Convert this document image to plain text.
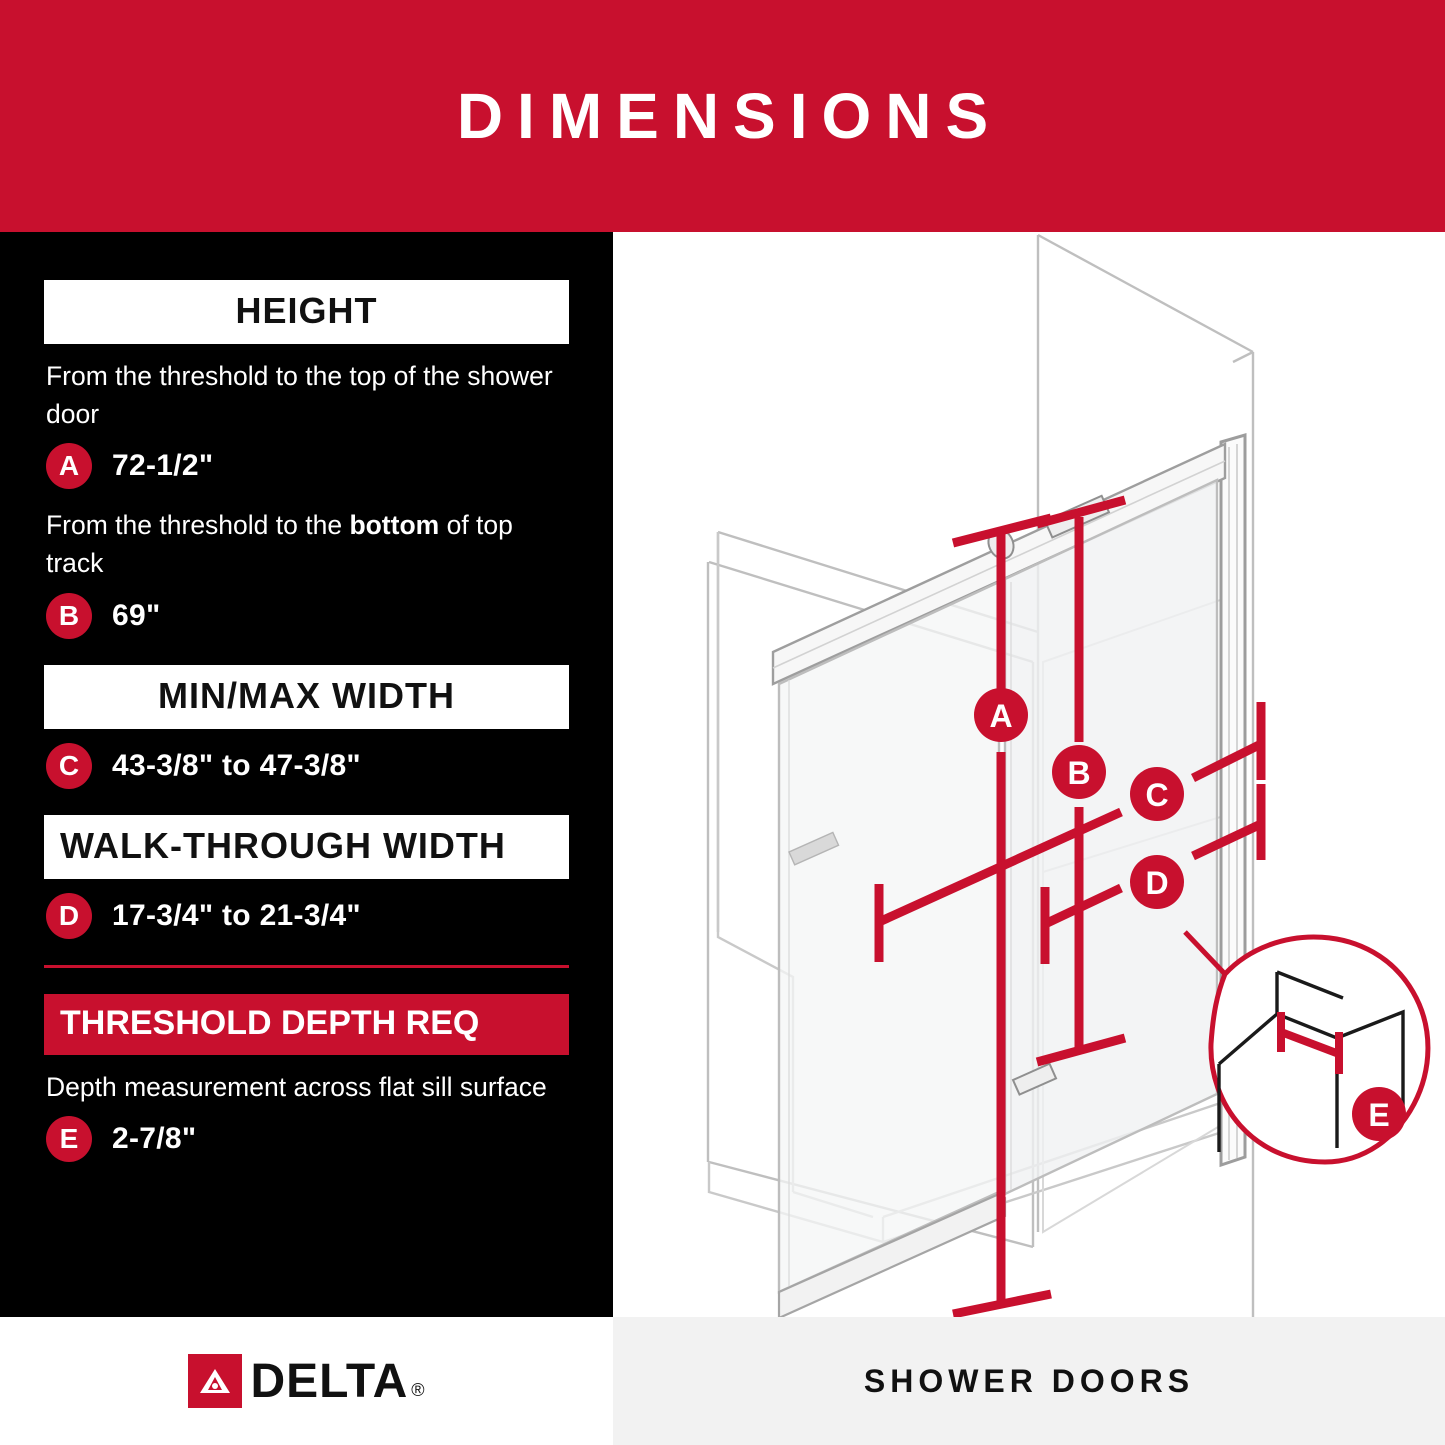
DIMENSIONS
HEIGHT
From the threshold to the top of the shower door
A	72-1/2"
From the threshold to the bottom of top track
B	69"
MIN/MAX WIDTH
C	43-3/8" to 47-3/8"
WALK-THROUGH WIDTH
D	17-3/4" to 21-3/4"
THRESHOLD DEPTH REQ
Depth measurement across flat sill surface
E	2-7/8"
A
B
C
D
E
DELTA ®	SHOWER DOORS
